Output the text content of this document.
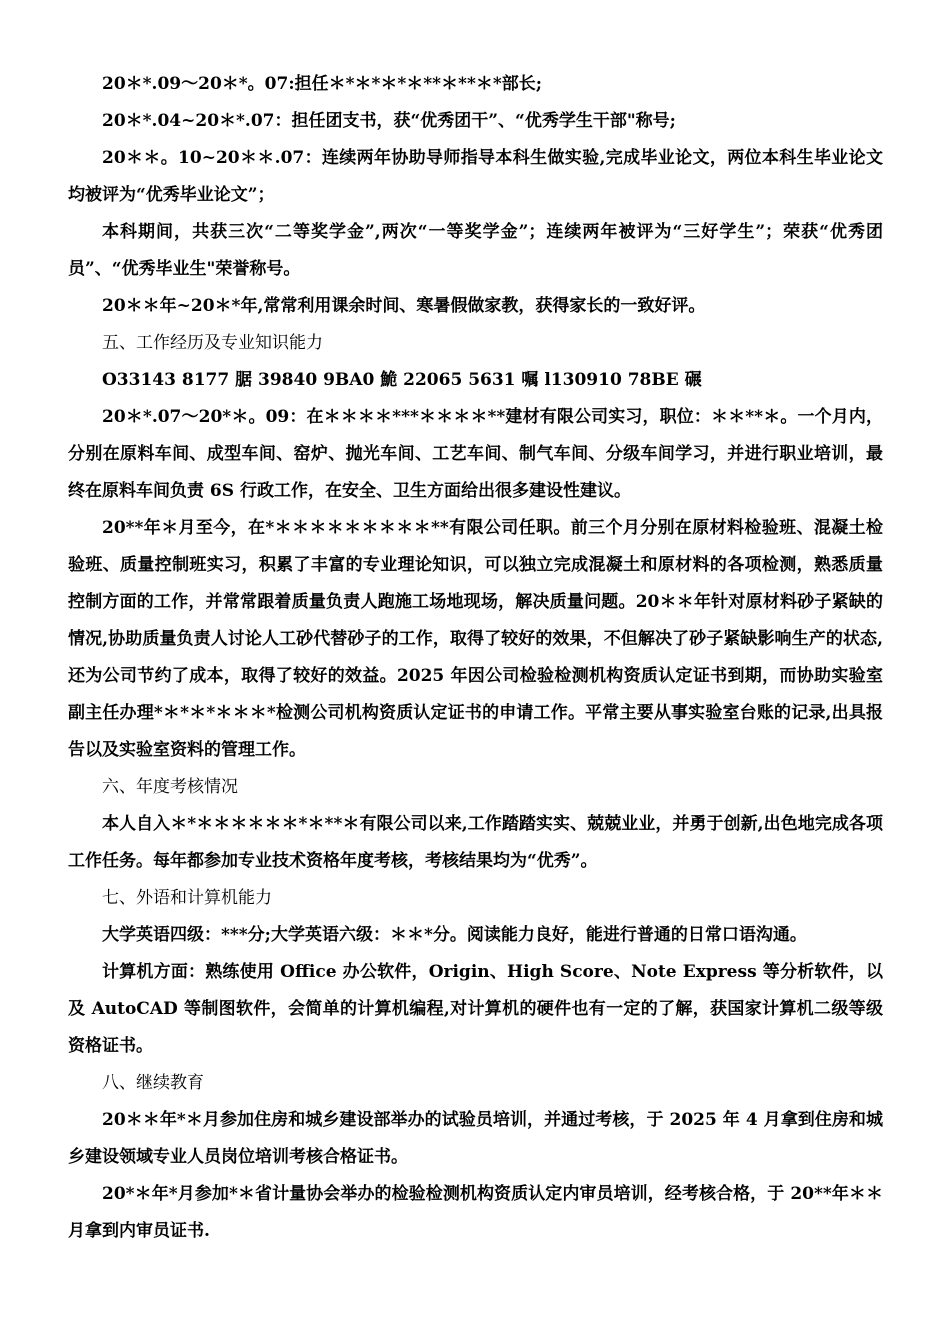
20＊*.09～20＊*。07:担任＊*＊*＊*＊**＊**＊*部长;

20＊*.04~20＊*.07：担任团支书，获“优秀团干”、“优秀学生干部"称号;

20＊＊。10~20＊＊.07：连续两年协助导师指导本科生做实验,完成毕业论文，两位本科生毕业论文均被评为“优秀毕业论文”；

本科期间，共获三次“二等奖学金”,两次“一等奖学金”；连续两年被评为“三好学生”；荣获“优秀团员”、“优秀毕业生"荣誉称号。

20＊＊年~20＊*年,常常利用课余时间、寒暑假做家教，获得家长的一致好评。

五、工作经历及专业知识能力

O33143 8177 腒 39840 9BA0 鮠 22065 5631 嘱 l130910 78BE 碾

20＊*.07～20*＊。09：在＊＊＊＊***＊＊＊＊**建材有限公司实习，职位：＊＊**＊。一个月内，分别在原料车间、成型车间、窑炉、抛光车间、工艺车间、制气车间、分级车间学习，并进行职业培训，最终在原料车间负责 6S 行政工作，在安全、卫生方面给出很多建设性建议。

20**年＊月至今，在*＊＊＊＊＊＊＊＊＊**有限公司任职。前三个月分别在原材料检验班、混凝土检验班、质量控制班实习，积累了丰富的专业理论知识，可以独立完成混凝土和原材料的各项检测，熟悉质量控制方面的工作，并常常跟着质量负责人跑施工场地现场，解决质量问题。20＊＊年针对原材料砂子紧缺的情况,协助质量负责人讨论人工砂代替砂子的工作，取得了较好的效果，不但解决了砂子紧缺影响生产的状态,还为公司节约了成本，取得了较好的效益。2025 年因公司检验检测机构资质认定证书到期，而协助实验室副主任办理*＊*＊*＊＊＊*检测公司机构资质认定证书的申请工作。平常主要从事实验室台账的记录,出具报告以及实验室资料的管理工作。

六、年度考核情况

本人自入＊*＊＊＊＊＊＊*＊**＊有限公司以来,工作踏踏实实、兢兢业业，并勇于创新,出色地完成各项工作任务。每年都参加专业技术资格年度考核，考核结果均为“优秀”。

七、外语和计算机能力

大学英语四级：***分;大学英语六级：＊＊*分。阅读能力良好，能进行普通的日常口语沟通。

计算机方面：熟练使用 Office 办公软件，Origin、High Score、Note Express 等分析软件，以及 AutoCAD 等制图软件，会简单的计算机编程,对计算机的硬件也有一定的了解，获国家计算机二级等级资格证书。

八、继续教育

20＊＊年*＊月参加住房和城乡建设部举办的试验员培训，并通过考核，于 2025 年 4 月拿到住房和城乡建设领域专业人员岗位培训考核合格证书。

20*＊年*月参加*＊省计量协会举办的检验检测机构资质认定内审员培训，经考核合格，于 20**年＊＊月拿到内审员证书.
